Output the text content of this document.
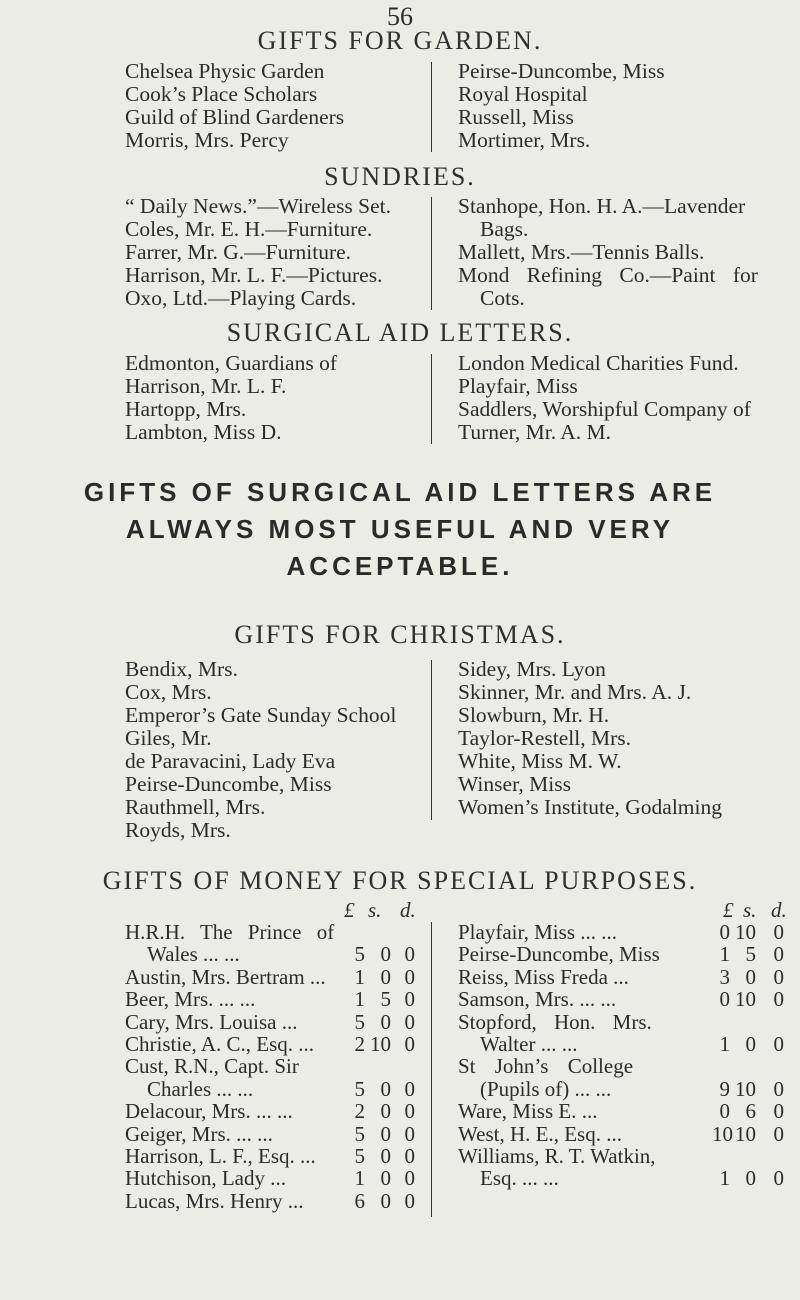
56
GIFTS FOR GARDEN.
Chelsea Physic Garden
Cook’s Place Scholars
Guild of Blind Gardeners
Morris, Mrs. Percy
Peirse-Duncombe, Miss
Royal Hospital
Russell, Miss
Mortimer, Mrs.
SUNDRIES.
“ Daily News.”—Wireless Set.
Coles, Mr. E. H.—Furniture.
Farrer, Mr. G.—Furniture.
Harrison, Mr. L. F.—Pictures.
Oxo, Ltd.—Playing Cards.
Stanhope, Hon. H. A.—Lavender
Bags.
Mallett, Mrs.—Tennis Balls.
Mond Refining Co.—Paint for
Cots.
SURGICAL AID LETTERS.
Edmonton, Guardians of
Harrison, Mr. L. F.
Hartopp, Mrs.
Lambton, Miss D.
London Medical Charities Fund.
Playfair, Miss
Saddlers, Worshipful Company of
Turner, Mr. A. M.
GIFTS OF SURGICAL AID LETTERS ARE
ALWAYS MOST USEFUL AND VERY
ACCEPTABLE.
GIFTS FOR CHRISTMAS.
Bendix, Mrs.
Cox, Mrs.
Emperor’s Gate Sunday School
Giles, Mr.
de Paravacini, Lady Eva
Peirse-Duncombe, Miss
Rauthmell, Mrs.
Royds, Mrs.
Sidey, Mrs. Lyon
Skinner, Mr. and Mrs. A. J.
Slowburn, Mr. H.
Taylor-Restell, Mrs.
White, Miss M. W.
Winser, Miss
Women’s Institute, Godalming
GIFTS OF MONEY FOR SPECIAL PURPOSES.
£ s. d.	£ s. d.
H.R.H. The Prince of
Wales ... ...	5 0 0
Austin, Mrs. Bertram ...	1 0 0
Beer, Mrs. ... ...	1 5 0
Cary, Mrs. Louisa ...	5 0 0
Christie, A. C., Esq. ...	2 10 0
Cust, R.N., Capt. Sir
Charles ... ...	5 0 0
Delacour, Mrs. ... ...	2 0 0
Geiger, Mrs. ... ...	5 0 0
Harrison, L. F., Esq. ...	5 0 0
Hutchison, Lady ...	1 0 0
Lucas, Mrs. Henry ...	6 0 0
Playfair, Miss ... ...	0 10 0
Peirse-Duncombe, Miss	1 5 0
Reiss, Miss Freda ...	3 0 0
Samson, Mrs. ... ...	0 10 0
Stopford, Hon. Mrs.
Walter ... ...	1 0 0
St John’s College
(Pupils of) ... ...	9 10 0
Ware, Miss E. ...	0 6 0
West, H. E., Esq. ...	10 10 0
Williams, R. T. Watkin,
Esq. ... ...	1 0 0
